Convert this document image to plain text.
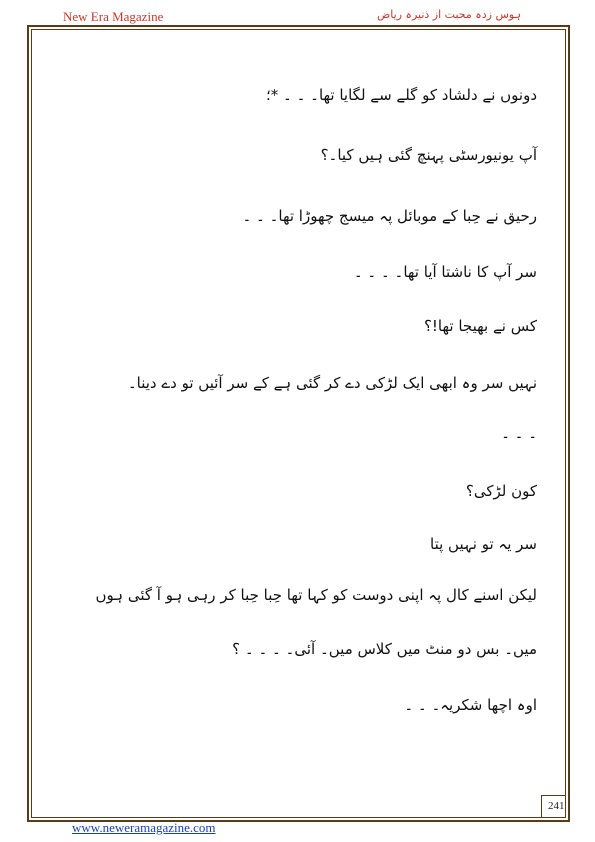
New Era Magazine	ہوس زدہ محبت از ذنیرہ ریاض

دونوں نے دلشاد کو گلے سے لگایا تھا۔ ۔ ۔ *؛

آپ یونیورسٹی پہنچ گئی ہیں کیا۔؟

رحیق نے حِبا کے موبائل پہ میسج چھوڑا تھا۔ ۔ ۔

سر آپ کا ناشتا آیا تھا۔ ۔ ۔ ۔

کس نے بھیجا تھا!؟

نہیں سر وہ ابھی ایک لڑکی دے کر گئی ہے کے سر آئیں تو دے دینا۔

۔ ۔ ۔

کون لڑکی؟

سر یہ تو نہیں پتا

لیکن اسنے کال پہ اپنی دوست کو کہا تھا حِبا حِبا کر رہی ہو آ گئی ہوں

میں۔ بس دو منٹ میں کلاس میں۔ آئی۔ ۔ ۔ ۔ ؟

اوہ اچھا شکریہ۔ ۔ ۔

241
www.neweramagazine.com
